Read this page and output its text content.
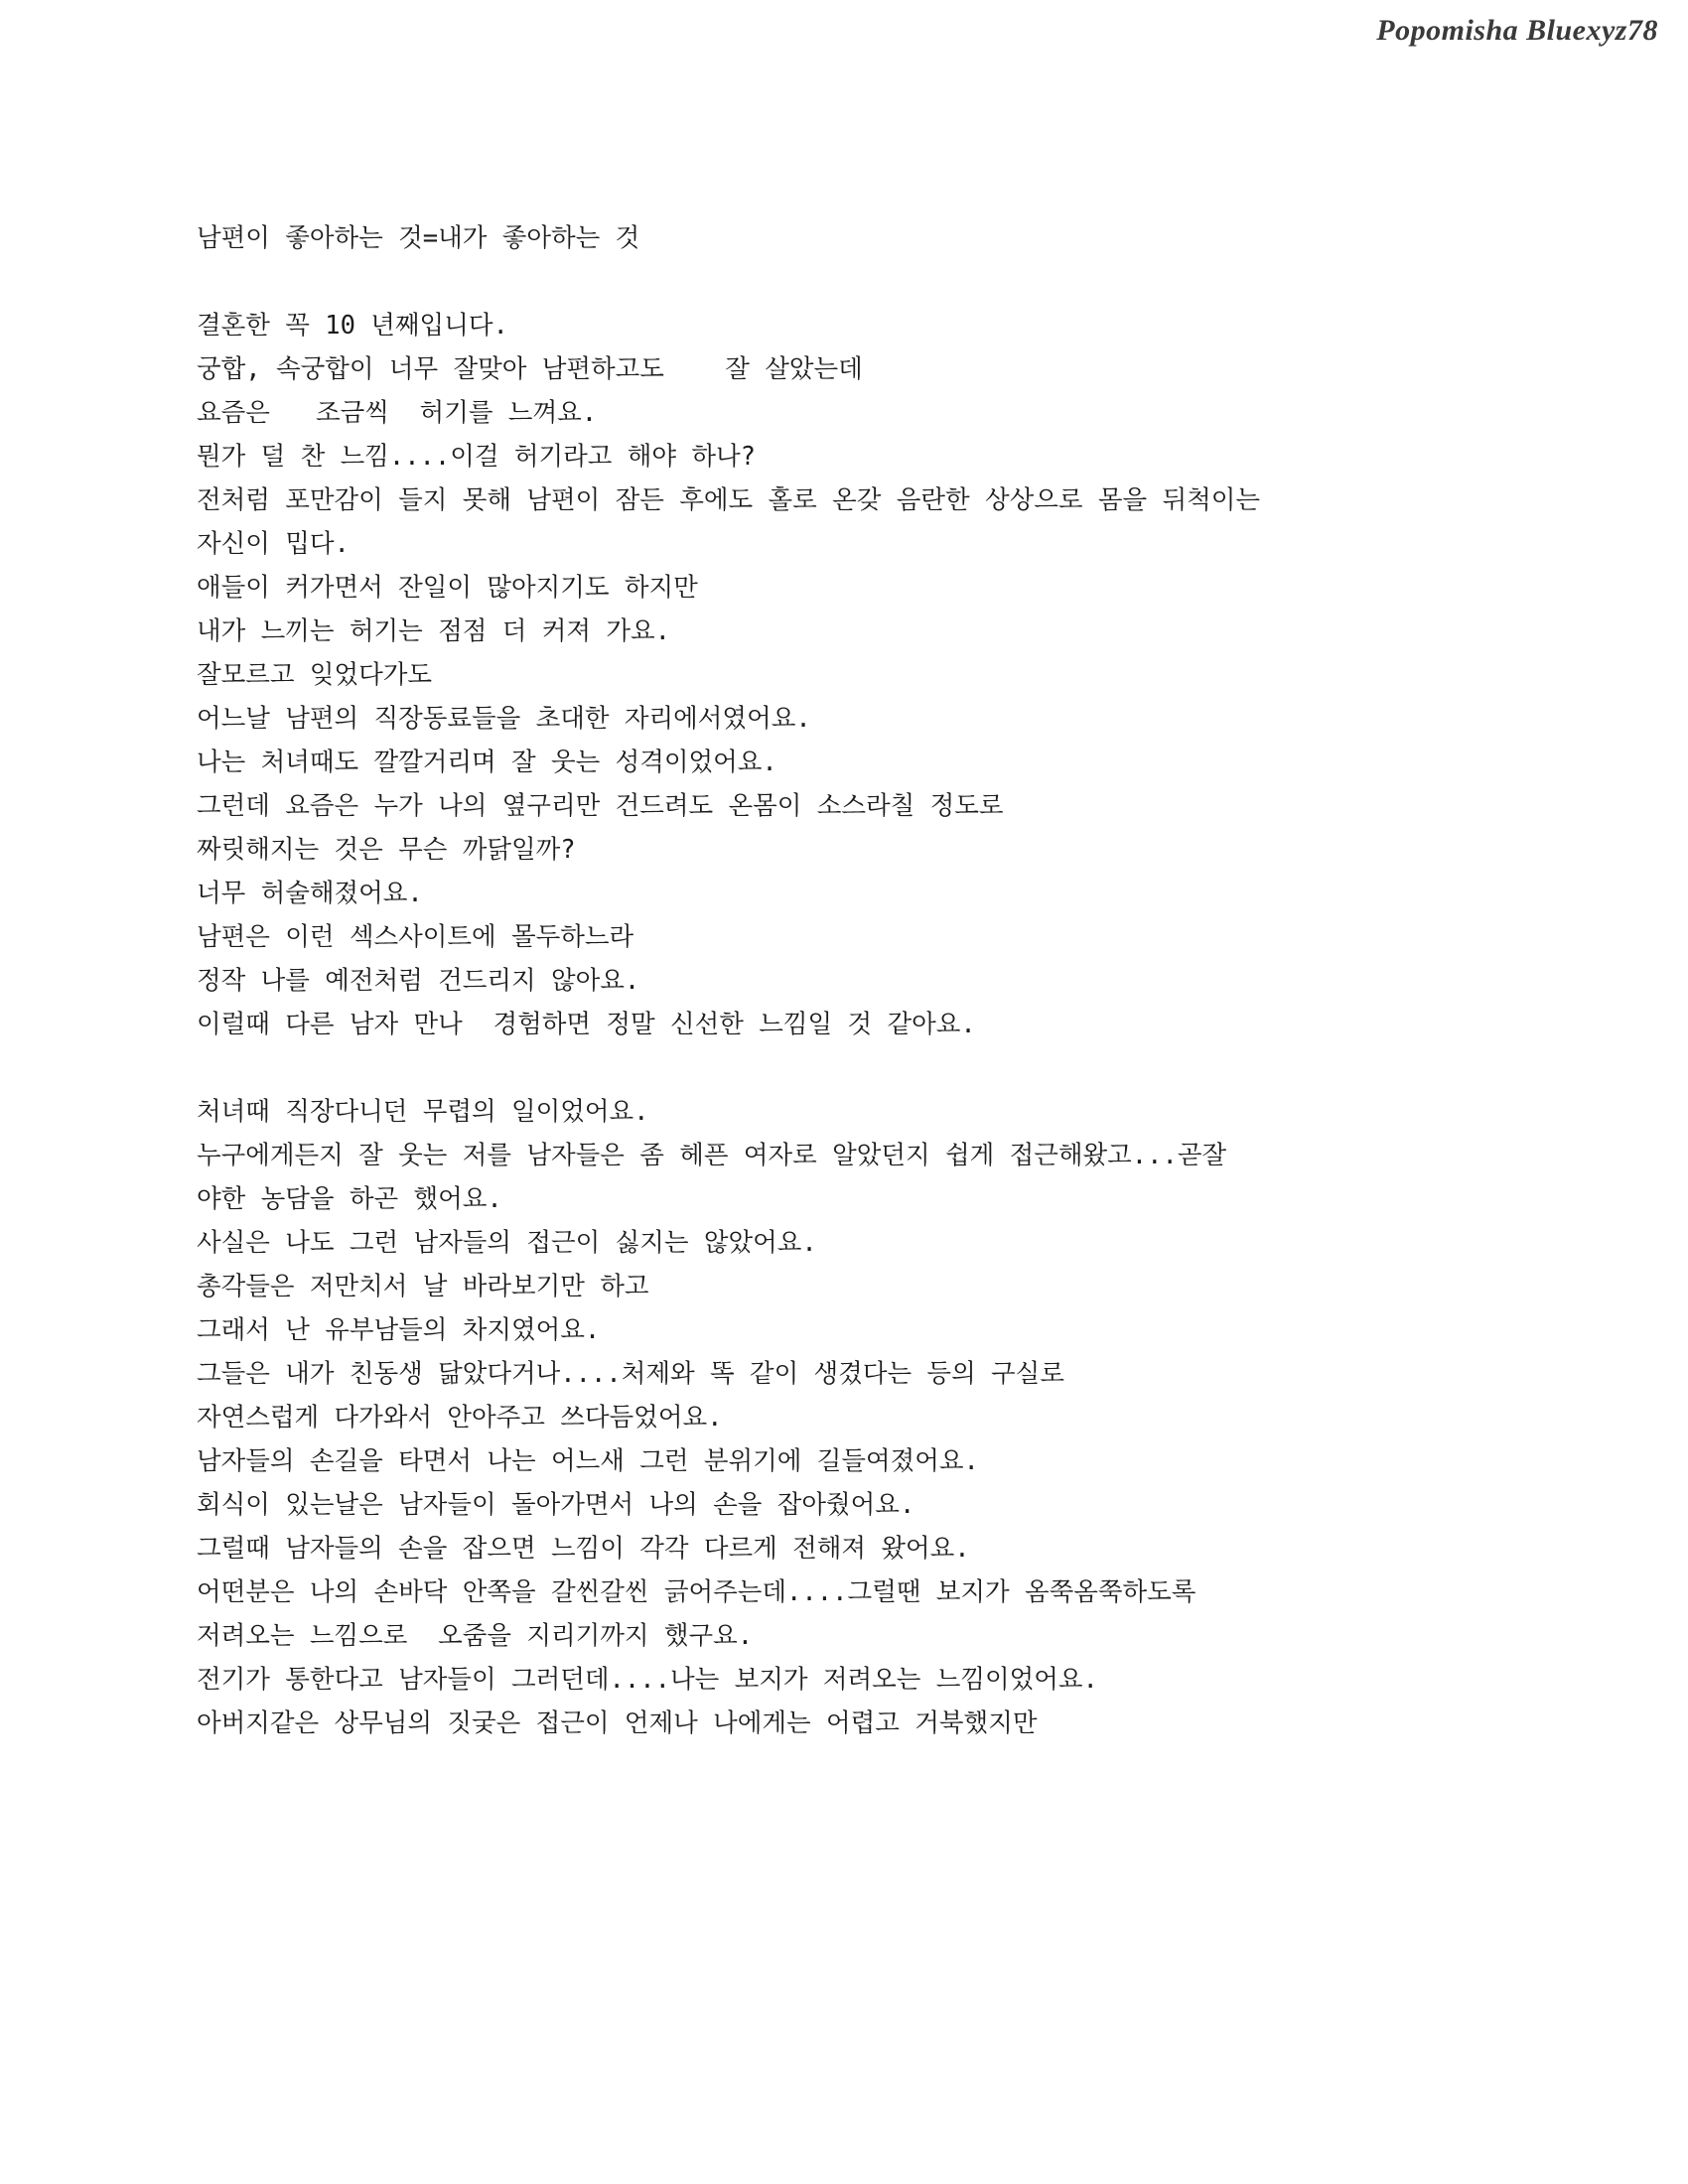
Popomisha Bluexyz78
남편이 좋아하는 것=내가 좋아하는 것
결혼한 꼭 10 년째입니다.
궁합, 속궁합이 너무 잘맞아 남편하고도    잘 살았는데
요즘은   조금씩  허기를 느껴요.
뭔가 덜 찬 느낌....이걸 허기라고 해야 하나?
전처럼 포만감이 들지 못해 남편이 잠든 후에도 홀로 온갖 음란한 상상으로 몸을 뒤척이는
자신이 밉다.
애들이 커가면서 잔일이 많아지기도 하지만
내가 느끼는 허기는 점점 더 커져 가요.
잘모르고 잊었다가도
어느날 남편의 직장동료들을 초대한 자리에서였어요.
나는 처녀때도 깔깔거리며 잘 웃는 성격이었어요.
그런데 요즘은 누가 나의 옆구리만 건드려도 온몸이 소스라칠 정도로
짜릿해지는 것은 무슨 까닭일까?
너무 허술해졌어요.
남편은 이런 섹스사이트에 몰두하느라
정작 나를 예전처럼 건드리지 않아요.
이럴때 다른 남자 만나  경험하면 정말 신선한 느낌일 것 같아요.
처녀때 직장다니던 무렵의 일이었어요.
누구에게든지 잘 웃는 저를 남자들은 좀 헤픈 여자로 알았던지 쉽게 접근해왔고...곧잘
야한 농담을 하곤 했어요.
사실은 나도 그런 남자들의 접근이 싫지는 않았어요.
총각들은 저만치서 날 바라보기만 하고
그래서 난 유부남들의 차지였어요.
그들은 내가 친동생 닮았다거나....처제와 똑 같이 생겼다는 등의 구실로
자연스럽게 다가와서 안아주고 쓰다듬었어요.
남자들의 손길을 타면서 나는 어느새 그런 분위기에 길들여졌어요.
회식이 있는날은 남자들이 돌아가면서 나의 손을 잡아줬어요.
그럴때 남자들의 손을 잡으면 느낌이 각각 다르게 전해져 왔어요.
어떤분은 나의 손바닥 안쪽을 갈씬갈씬 긁어주는데....그럴땐 보지가 옴쭉옴쭉하도록
저려오는 느낌으로  오줌을 지리기까지 했구요.
전기가 통한다고 남자들이 그러던데....나는 보지가 저려오는 느낌이었어요.
아버지같은 상무님의 짓궂은 접근이 언제나 나에게는 어렵고 거북했지만
